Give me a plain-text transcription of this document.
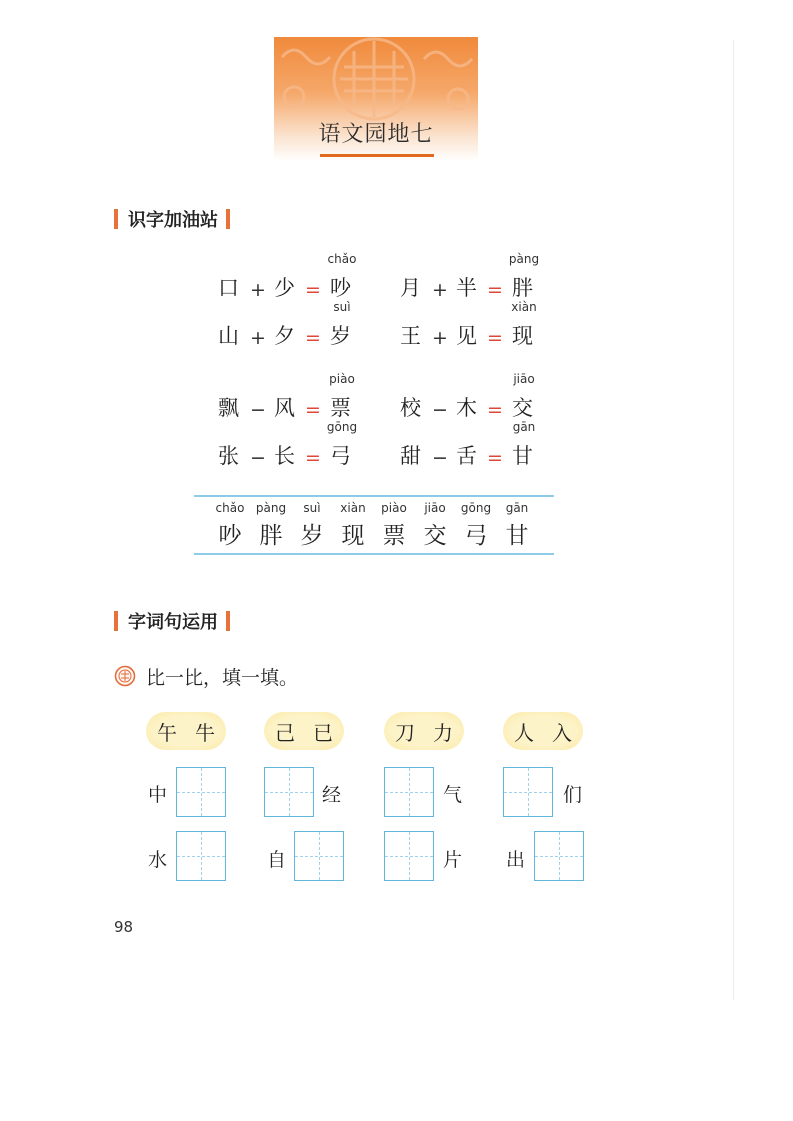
语文园地七
识字加油站
chǎo
口 + 少 = 吵
pàng
月 + 半 = 胖
suì
山 + 夕 = 岁
xiàn
王 + 见 = 现
piào
飘 − 风 = 票
jiāo
校 − 木 = 交
gōng
张 − 长 = 弓
gān
甜 − 舌 = 甘
chǎo
吵
pàng
胖
suì
岁
xiàn
现
piào
票
jiāo
交
gōng
弓
gān
甘
字词句运用
比一比，填一填。
午牛 己已 刀力 人入
中	经	气	们
水	自	片 出
98
